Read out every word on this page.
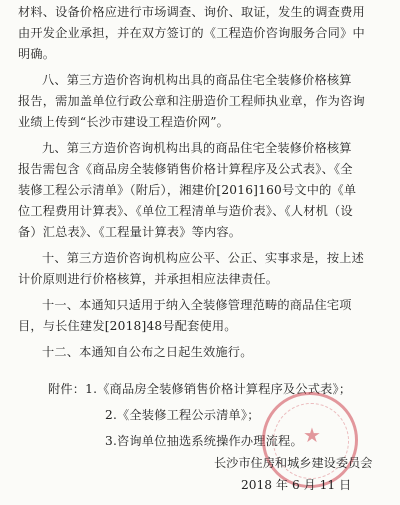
材料、设备价格应进行市场调查、询价、取证，发生的调查费用
由开发企业承担，并在双方签订的《工程造价咨询服务合同》中
明确。
八、第三方造价咨询机构出具的商品住宅全装修价格核算
报告，需加盖单位行政公章和注册造价工程师执业章，作为咨询
业绩上传到“长沙市建设工程造价网”。
九、第三方造价咨询机构出具的商品住宅全装修价格核算
报告需包含《商品房全装修销售价格计算程序及公式表》、《全
装修工程公示清单》（附后），湘建价[2016]160号文中的《单
位工程费用计算表》、《单位工程清单与造价表》、《人材机（设
备）汇总表》、《工程量计算表》等内容。
十、第三方造价咨询机构应公平、公正、实事求是，按上述
计价原则进行价格核算，并承担相应法律责任。
十一、本通知只适用于纳入全装修管理范畴的商品住宅项
目，与长住建发[2018]48号配套使用。
十二、本通知自公布之日起生效施行。
附件：1.《商品房全装修销售价格计算程序及公式表》；
2.《全装修工程公示清单》；
3.咨询单位抽选系统操作办理流程。 ★
长沙市住房和城乡建设委员会
2018 年 6 月 11 日
